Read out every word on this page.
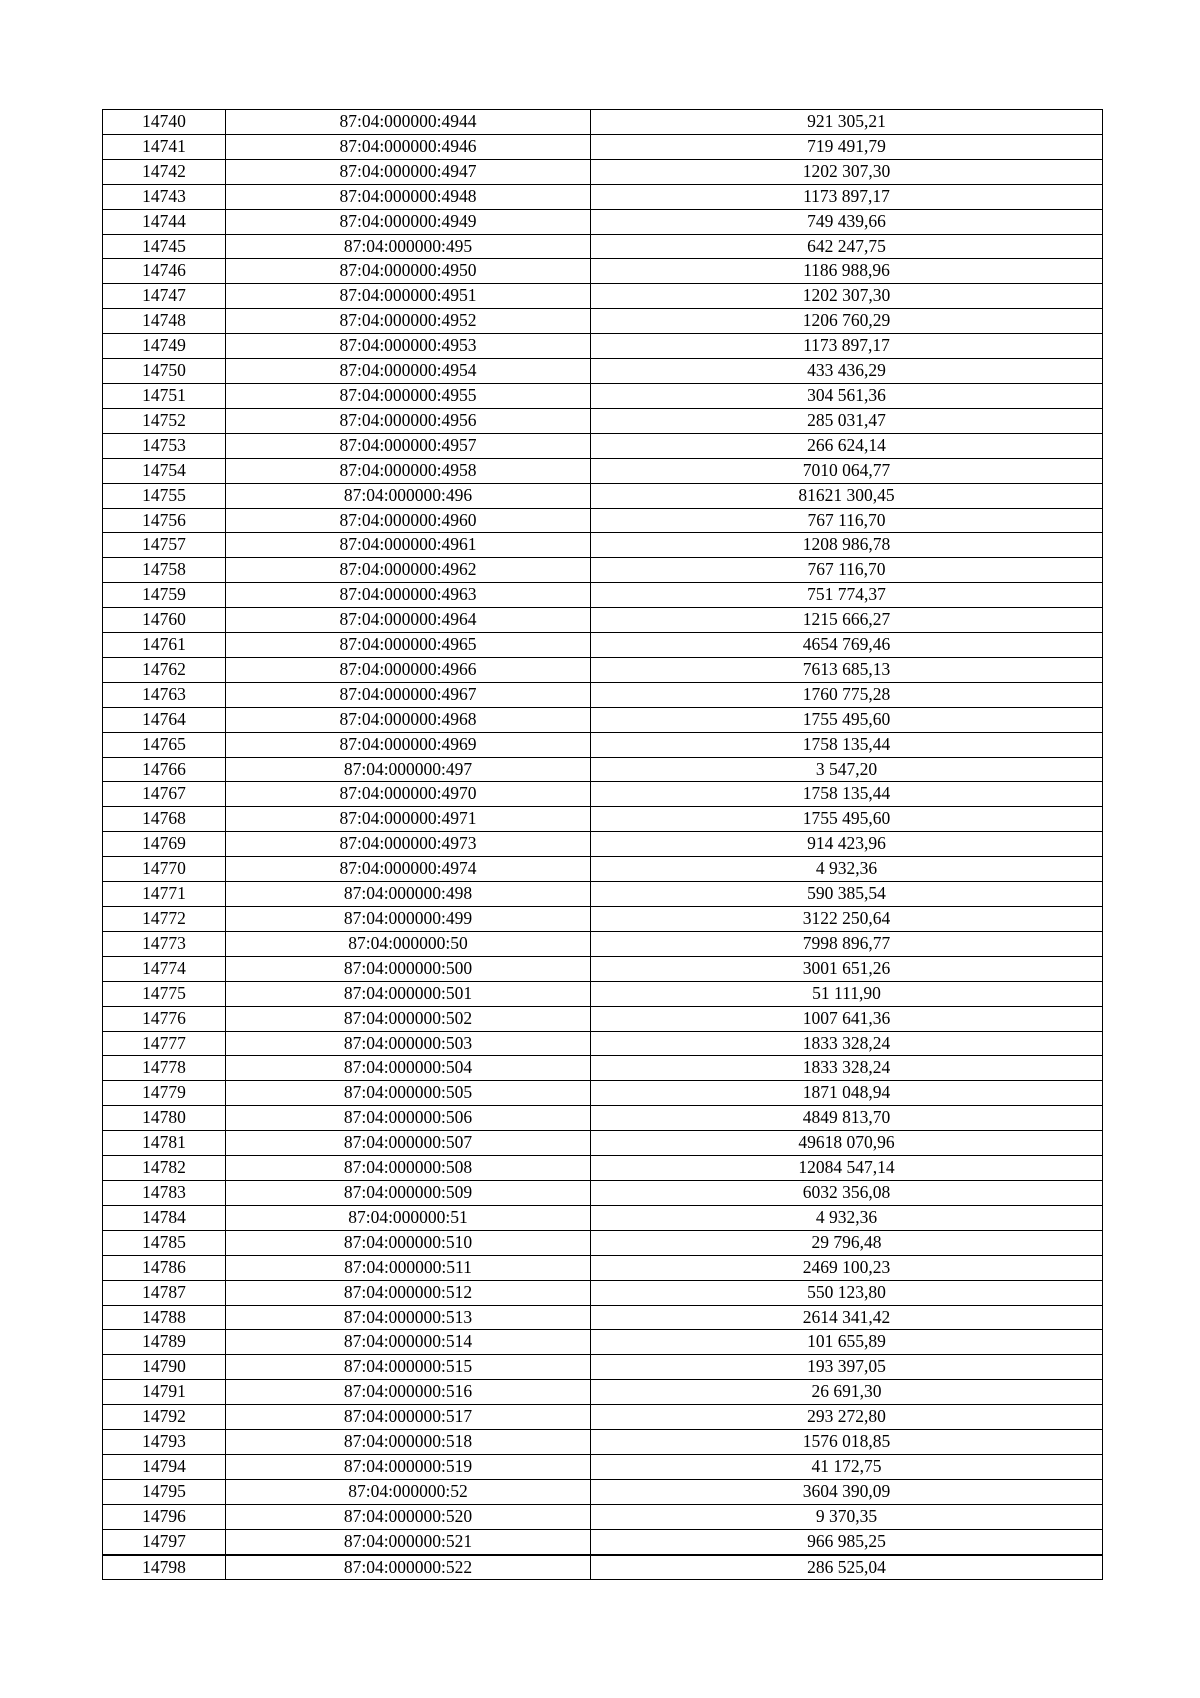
14740	87:04:000000:4944	921 305,21
14741	87:04:000000:4946	719 491,79
14742	87:04:000000:4947	1202 307,30
14743	87:04:000000:4948	1173 897,17
14744	87:04:000000:4949	749 439,66
14745	87:04:000000:495	642 247,75
14746	87:04:000000:4950	1186 988,96
14747	87:04:000000:4951	1202 307,30
14748	87:04:000000:4952	1206 760,29
14749	87:04:000000:4953	1173 897,17
14750	87:04:000000:4954	433 436,29
14751	87:04:000000:4955	304 561,36
14752	87:04:000000:4956	285 031,47
14753	87:04:000000:4957	266 624,14
14754	87:04:000000:4958	7010 064,77
14755	87:04:000000:496	81621 300,45
14756	87:04:000000:4960	767 116,70
14757	87:04:000000:4961	1208 986,78
14758	87:04:000000:4962	767 116,70
14759	87:04:000000:4963	751 774,37
14760	87:04:000000:4964	1215 666,27
14761	87:04:000000:4965	4654 769,46
14762	87:04:000000:4966	7613 685,13
14763	87:04:000000:4967	1760 775,28
14764	87:04:000000:4968	1755 495,60
14765	87:04:000000:4969	1758 135,44
14766	87:04:000000:497	3 547,20
14767	87:04:000000:4970	1758 135,44
14768	87:04:000000:4971	1755 495,60
14769	87:04:000000:4973	914 423,96
14770	87:04:000000:4974	4 932,36
14771	87:04:000000:498	590 385,54
14772	87:04:000000:499	3122 250,64
14773	87:04:000000:50	7998 896,77
14774	87:04:000000:500	3001 651,26
14775	87:04:000000:501	51 111,90
14776	87:04:000000:502	1007 641,36
14777	87:04:000000:503	1833 328,24
14778	87:04:000000:504	1833 328,24
14779	87:04:000000:505	1871 048,94
14780	87:04:000000:506	4849 813,70
14781	87:04:000000:507	49618 070,96
14782	87:04:000000:508	12084 547,14
14783	87:04:000000:509	6032 356,08
14784	87:04:000000:51	4 932,36
14785	87:04:000000:510	29 796,48
14786	87:04:000000:511	2469 100,23
14787	87:04:000000:512	550 123,80
14788	87:04:000000:513	2614 341,42
14789	87:04:000000:514	101 655,89
14790	87:04:000000:515	193 397,05
14791	87:04:000000:516	26 691,30
14792	87:04:000000:517	293 272,80
14793	87:04:000000:518	1576 018,85
14794	87:04:000000:519	41 172,75
14795	87:04:000000:52	3604 390,09
14796	87:04:000000:520	9 370,35
14797	87:04:000000:521	966 985,25
14798	87:04:000000:522	286 525,04
